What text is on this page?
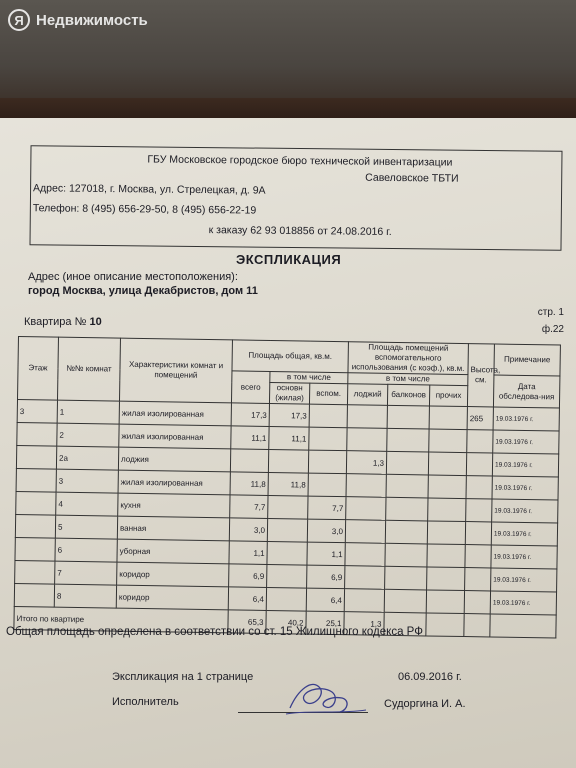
Я Недвижимость
ГБУ Московское городское бюро технической инвентаризации
Савеловское ТБТИ
Адрес: 127018, г. Москва, ул. Стрелецкая, д. 9А
Телефон: 8 (495) 656-29-50, 8 (495) 656-22-19
к заказу 62 93 018856 от 24.08.2016 г.
ЭКСПЛИКАЦИЯ
Адрес (иное описание местоположения):
город Москва, улица Декабристов, дом 11
стр. 1
Квартира № 10
ф.22
Этаж	№№ комнат	Характеристики комнат и помещений	Площадь общая, кв.м.			Площадь помещений вспомогательного использования (с коэф.), кв.м.			Высота, см.	Примечание
			всего	в том числе		в том числе				Дата обследова-ния
				основн (жилая)	вспом.	лоджий	балконов	прочих		
3	1	жилая изолированная	17,3	17,3					265	19.03.1976 г.
	2	жилая изолированная	11,1	11,1						19.03.1976 г.
	2а	лоджия				1,3				19.03.1976 г.
	3	жилая изолированная	11,8	11,8						19.03.1976 г.
	4	кухня	7,7		7,7					19.03.1976 г.
	5	ванная	3,0		3,0					19.03.1976 г.
	6	уборная	1,1		1,1					19.03.1976 г.
	7	коридор	6,9		6,9					19.03.1976 г.
	8	коридор	6,4		6,4					19.03.1976 г.
Итого по квартире			65,3	40,2	25,1	1,3				
Общая площадь определена в соответствии со ст. 15 Жилищного кодекса РФ
Экспликация на 1 странице	06.09.2016 г.
Исполнитель	Судоргина И. А.
